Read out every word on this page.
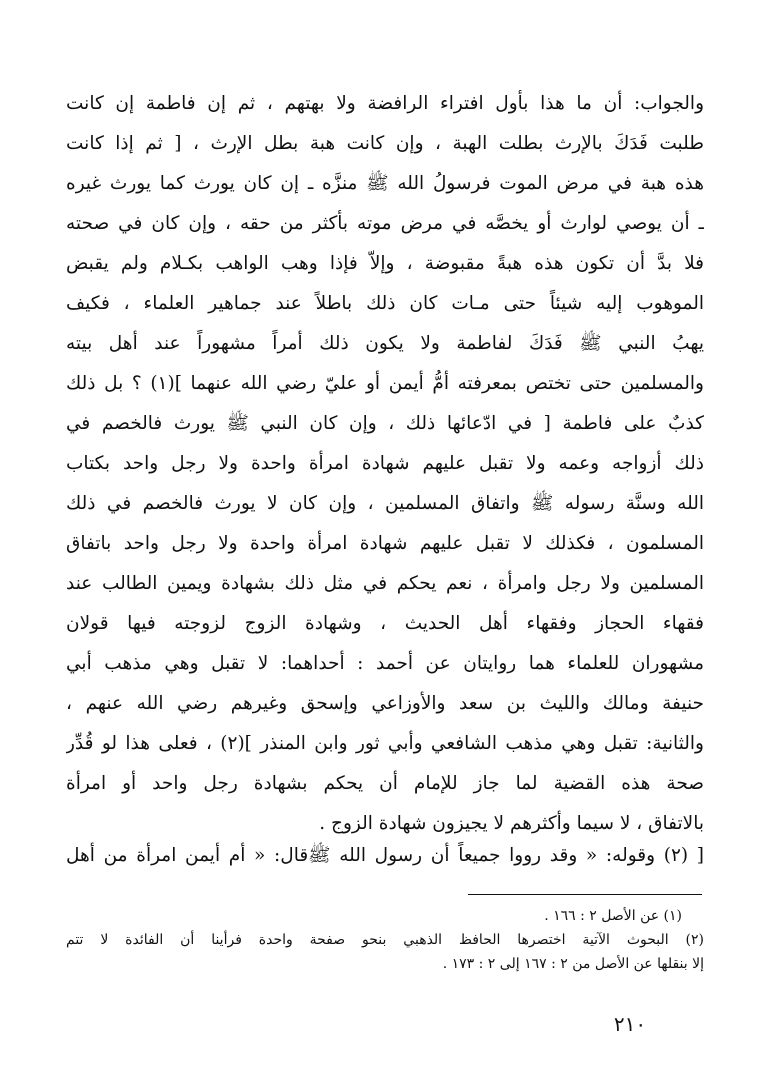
والجواب: أن ما هذا بأول افتراء الرافضة ولا بهتهم ، ثم إن فاطمة إن كانت
طلبت فَدَكَ بالإرث بطلت الهبة ، وإن كانت هبة بطل الإرث ، [ ثم إذا كانت
هذه هبة في مرض الموت فرسولُ الله ﷺ منزَّه ـ إن كان يورث كما يورث غيره
ـ أن يوصي لوارث أو يخصَّه في مرض موته بأكثر من حقه ، وإن كان في صحته
فلا بدَّ أن تكون هذه هبةً مقبوضة ، وإلاّ فإذا وهب الواهب بكـلام ولم يقبض
الموهوب إليه شيئاً حتى مـات كان ذلك باطلاً عند جماهير العلماء ، فكيف
يهبُ النبي ﷺ فَدَكَ لفاطمة ولا يكون ذلك أمراً مشهوراً عند أهل بيته
والمسلمين حتى تختص بمعرفته أمُّ أيمن أو عليّ رضي الله عنهما ](١) ؟ بل ذلك
كذبٌ على فاطمة [ في ادّعائها ذلك ، وإن كان النبي ﷺ يورث فالخصم في
ذلك أزواجه وعمه ولا تقبل عليهم شهادة امرأة واحدة ولا رجل واحد بكتاب
الله وسنَّة رسوله ﷺ واتفاق المسلمين ، وإن كان لا يورث فالخصم في ذلك
المسلمون ، فكذلك لا تقبل عليهم شهادة امرأة واحدة ولا رجل واحد باتفاق
المسلمين ولا رجل وامرأة ، نعم يحكم في مثل ذلك بشهادة ويمين الطالب عند
فقهاء الحجاز وفقهاء أهل الحديث ، وشهادة الزوج لزوجته فيها قولان
مشهوران للعلماء هما روايتان عن أحمد : أحداهما: لا تقبل وهي مذهب أبي
حنيفة ومالك والليث بن سعد والأوزاعي وإسحق وغيرهم رضي الله عنهم ،
والثانية: تقبل وهي مذهب الشافعي وأبي ثور وابن المنذر ](٢) ، فعلى هذا لو قُدِّر
صحة هذه القضية لما جاز للإمام أن يحكم بشهادة رجل واحد أو امرأة
بالاتفاق ، لا سيما وأكثرهم لا يجيزون شهادة الزوج .
[ (٢) وقوله: « وقد رووا جميعاً أن رسول الله ﷺقال: « أم أيمن امرأة من أهل
(١) عن الأصل ٢ : ١٦٦ .
(٢) البحوث الآتية اختصرها الحافظ الذهبي بنحو صفحة واحدة فرأينا أن الفائدة لا تتم
إلا بنقلها عن الأصل من ٢ : ١٦٧ إلى ٢ : ١٧٣ .
٢١٠
